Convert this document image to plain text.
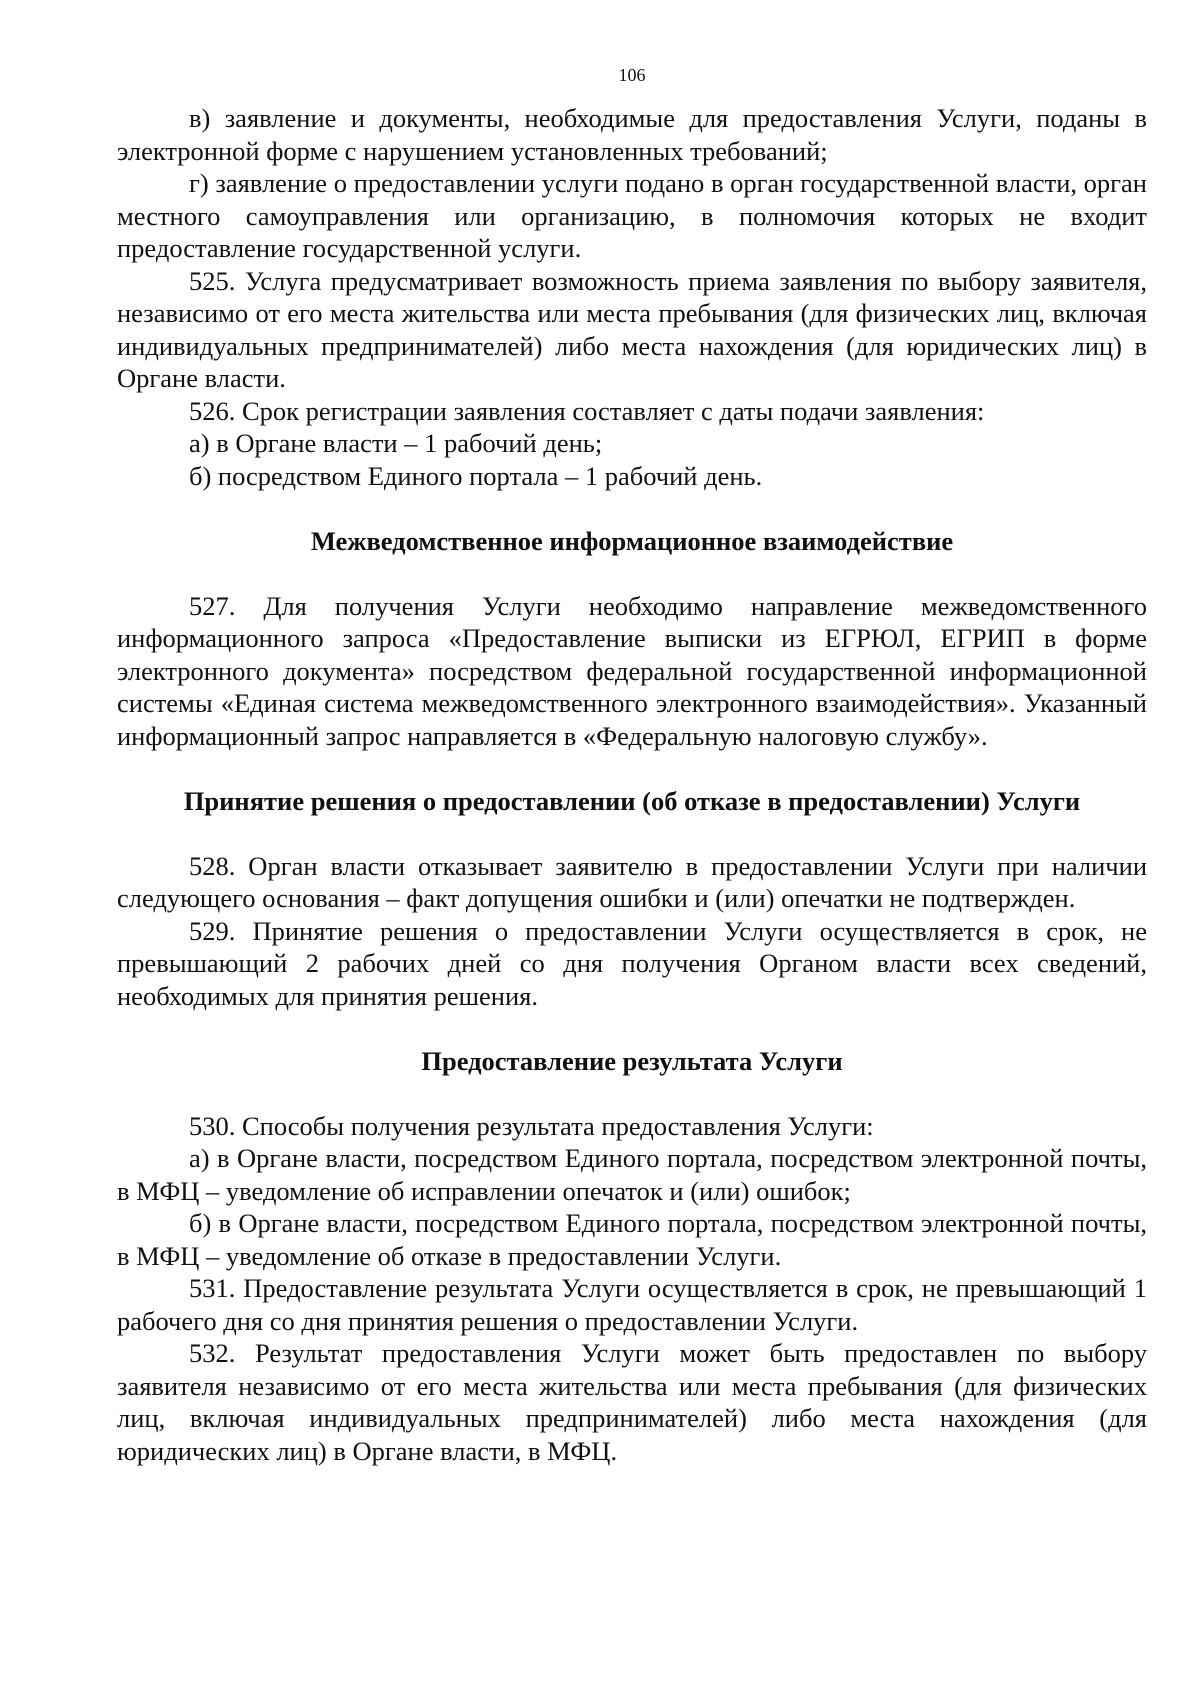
106

в) заявление и документы, необходимые для предоставления Услуги, поданы в электронной форме с нарушением установленных требований;

г) заявление о предоставлении услуги подано в орган государственной власти, орган местного самоуправления или организацию, в полномочия которых не входит предоставление государственной услуги.

525. Услуга предусматривает возможность приема заявления по выбору заявителя, независимо от его места жительства или места пребывания (для физических лиц, включая индивидуальных предпринимателей) либо места нахождения (для юридических лиц) в Органе власти.

526. Срок регистрации заявления составляет с даты подачи заявления:

а) в Органе власти – 1 рабочий день;

б) посредством Единого портала – 1 рабочий день.

Межведомственное информационное взаимодействие

527. Для получения Услуги необходимо направление межведомственного информационного запроса «Предоставление выписки из ЕГРЮЛ, ЕГРИП в форме электронного документа» посредством федеральной государственной информационной системы «Единая система межведомственного электронного взаимодействия». Указанный информационный запрос направляется в «Федеральную налоговую службу».

Принятие решения о предоставлении (об отказе в предоставлении) Услуги

528. Орган власти отказывает заявителю в предоставлении Услуги при наличии следующего основания – факт допущения ошибки и (или) опечатки не подтвержден.

529. Принятие решения о предоставлении Услуги осуществляется в срок, не превышающий 2 рабочих дней со дня получения Органом власти всех сведений, необходимых для принятия решения.

Предоставление результата Услуги

530. Способы получения результата предоставления Услуги:

а) в Органе власти, посредством Единого портала, посредством электронной почты, в МФЦ – уведомление об исправлении опечаток и (или) ошибок;

б) в Органе власти, посредством Единого портала, посредством электронной почты, в МФЦ – уведомление об отказе в предоставлении Услуги.

531. Предоставление результата Услуги осуществляется в срок, не превышающий 1 рабочего дня со дня принятия решения о предоставлении Услуги.

532. Результат предоставления Услуги может быть предоставлен по выбору заявителя независимо от его места жительства или места пребывания (для физических лиц, включая индивидуальных предпринимателей) либо места нахождения (для юридических лиц) в Органе власти, в МФЦ.
